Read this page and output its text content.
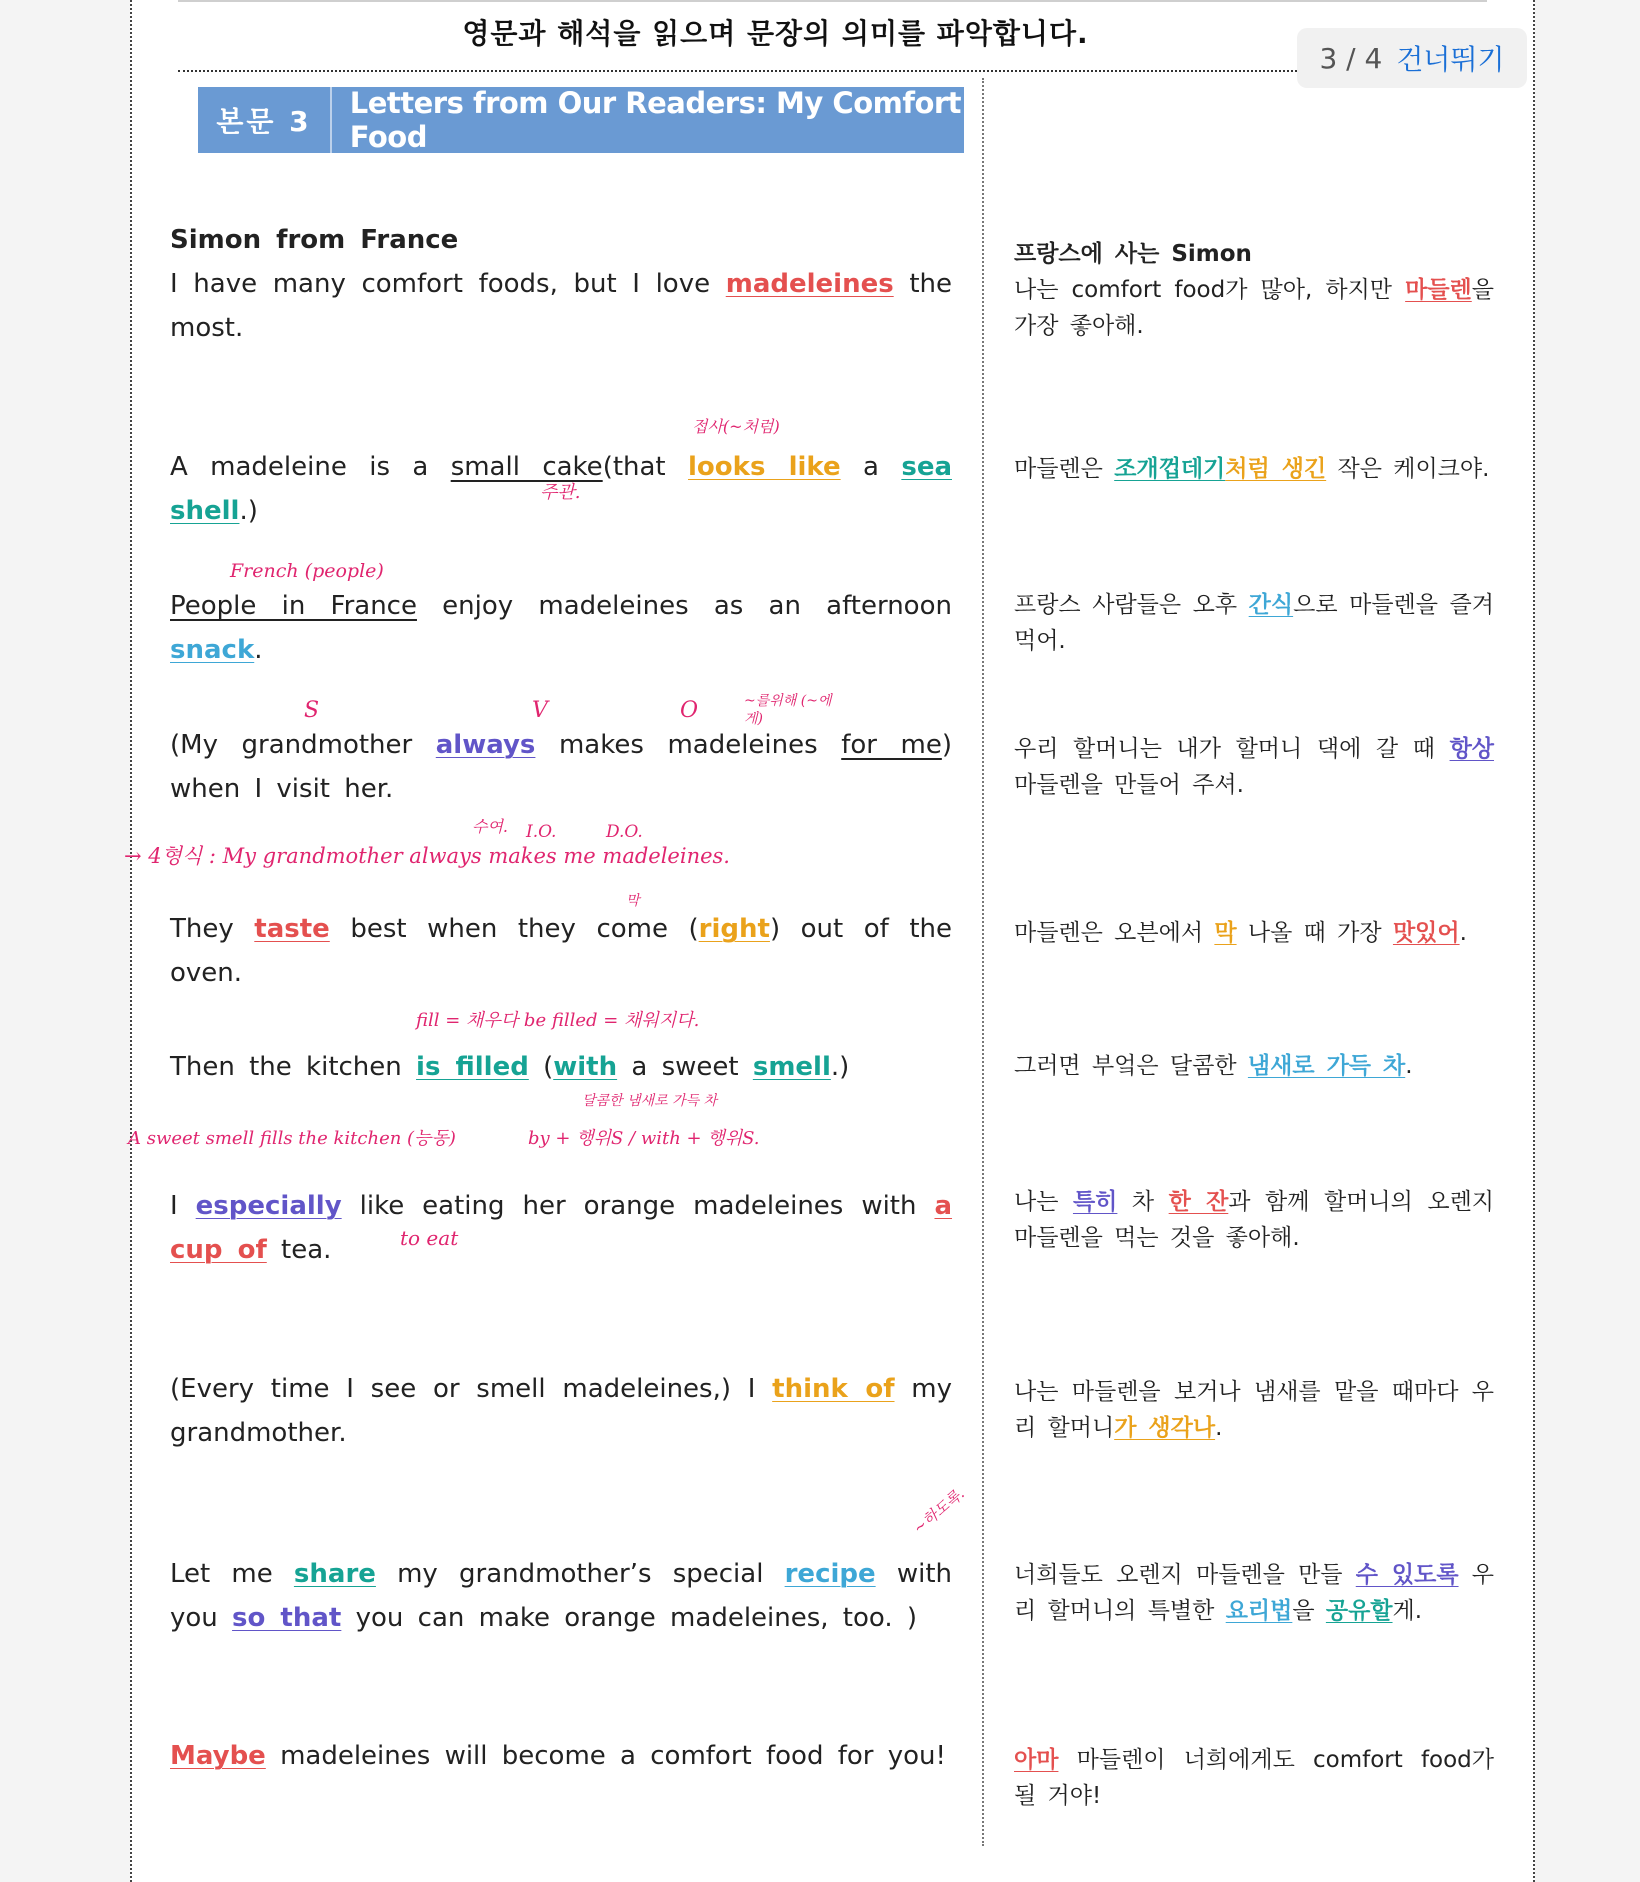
영문과 해석을 읽으며 문장의 의미를 파악합니다.
3 / 4 건너뛰기
본문 3
Letters from Our Readers: My Comfort Food
Simon from France
I have many comfort foods, but I love madeleines the most.
A madeleine is a small cake(that looks like a sea shell.)
People in France enjoy madeleines as an afternoon snack.
(My grandmother always makes madeleines for me) when I visit her.
They taste best when they come (right) out of the oven.
Then the kitchen is filled (with a sweet smell.)
I especially like eating her orange madeleines with a cup of tea.
(Every time I see or smell madeleines,) I think of my grandmother.
Let me share my grandmother’s special recipe with you so that you can make orange madeleines, too. )
Maybe madeleines will become a comfort food for you!
프랑스에 사는 Simon
나는 comfort food가 많아, 하지만 마들렌을 가장 좋아해.
마들렌은 조개껍데기처럼 생긴 작은 케이크야.
프랑스 사람들은 오후 간식으로 마들렌을 즐겨 먹어.
우리 할머니는 내가 할머니 댁에 갈 때 항상 마들렌을 만들어 주셔.
마들렌은 오븐에서 막 나올 때 가장 맛있어.
그러면 부엌은 달콤한 냄새로 가득 차.
나는 특히 차 한 잔과 함께 할머니의 오렌지 마들렌을 먹는 것을 좋아해.
나는 마들렌을 보거나 냄새를 맡을 때마다 우리 할머니가 생각나.
너희들도 오렌지 마들렌을 만들 수 있도록 우리 할머니의 특별한 요리법을 공유할게.
아마 마들렌이 너희에게도 comfort food가 될 거야!
주관.
접사(~처럼)
French (people)
S	V	O	~를위해 (~에게)
→ 4형식 : My grandmother always makes me madeleines.
수여. I.O.	D.O.
막
fill = 채우다 be filled = 채워지다.
달콤한 냄새로 가득 차
A sweet smell fills the kitchen (능동)	by + 행위S / with + 행위S.
to eat
~하도록.
